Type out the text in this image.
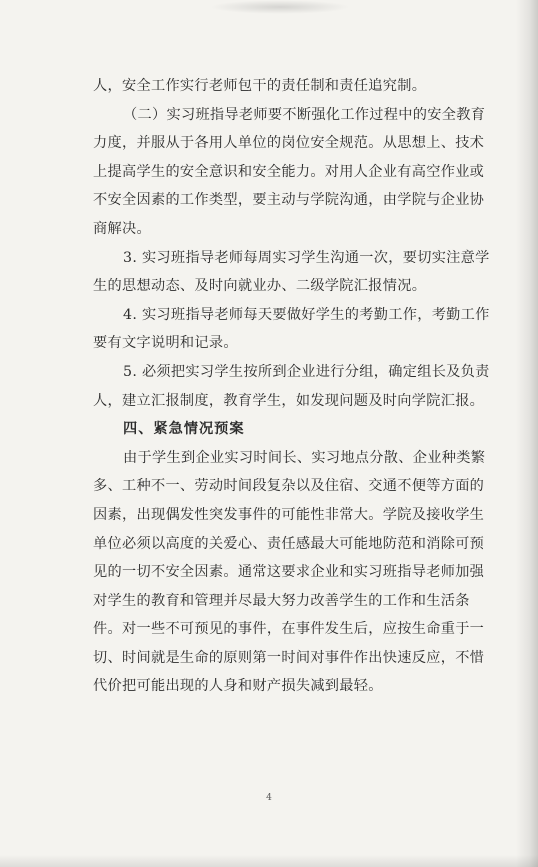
人，安全工作实行老师包干的责任制和责任追究制。
（二）实习班指导老师要不断强化工作过程中的安全教育
力度，并服从于各用人单位的岗位安全规范。从思想上、技术
上提高学生的安全意识和安全能力。对用人企业有高空作业或
不安全因素的工作类型，要主动与学院沟通，由学院与企业协
商解决。
3. 实习班指导老师每周实习学生沟通一次，要切实注意学
生的思想动态、及时向就业办、二级学院汇报情况。
4. 实习班指导老师每天要做好学生的考勤工作，考勤工作
要有文字说明和记录。
5. 必须把实习学生按所到企业进行分组，确定组长及负责
人，建立汇报制度，教育学生，如发现问题及时向学院汇报。
四、紧急情况预案
由于学生到企业实习时间长、实习地点分散、企业种类繁
多、工种不一、劳动时间段复杂以及住宿、交通不便等方面的
因素，出现偶发性突发事件的可能性非常大。学院及接收学生
单位必须以高度的关爱心、责任感最大可能地防范和消除可预
见的一切不安全因素。通常这要求企业和实习班指导老师加强
对学生的教育和管理并尽最大努力改善学生的工作和生活条
件。对一些不可预见的事件，在事件发生后，应按生命重于一
切、时间就是生命的原则第一时间对事件作出快速反应，不惜
代价把可能出现的人身和财产损失减到最轻。
4
